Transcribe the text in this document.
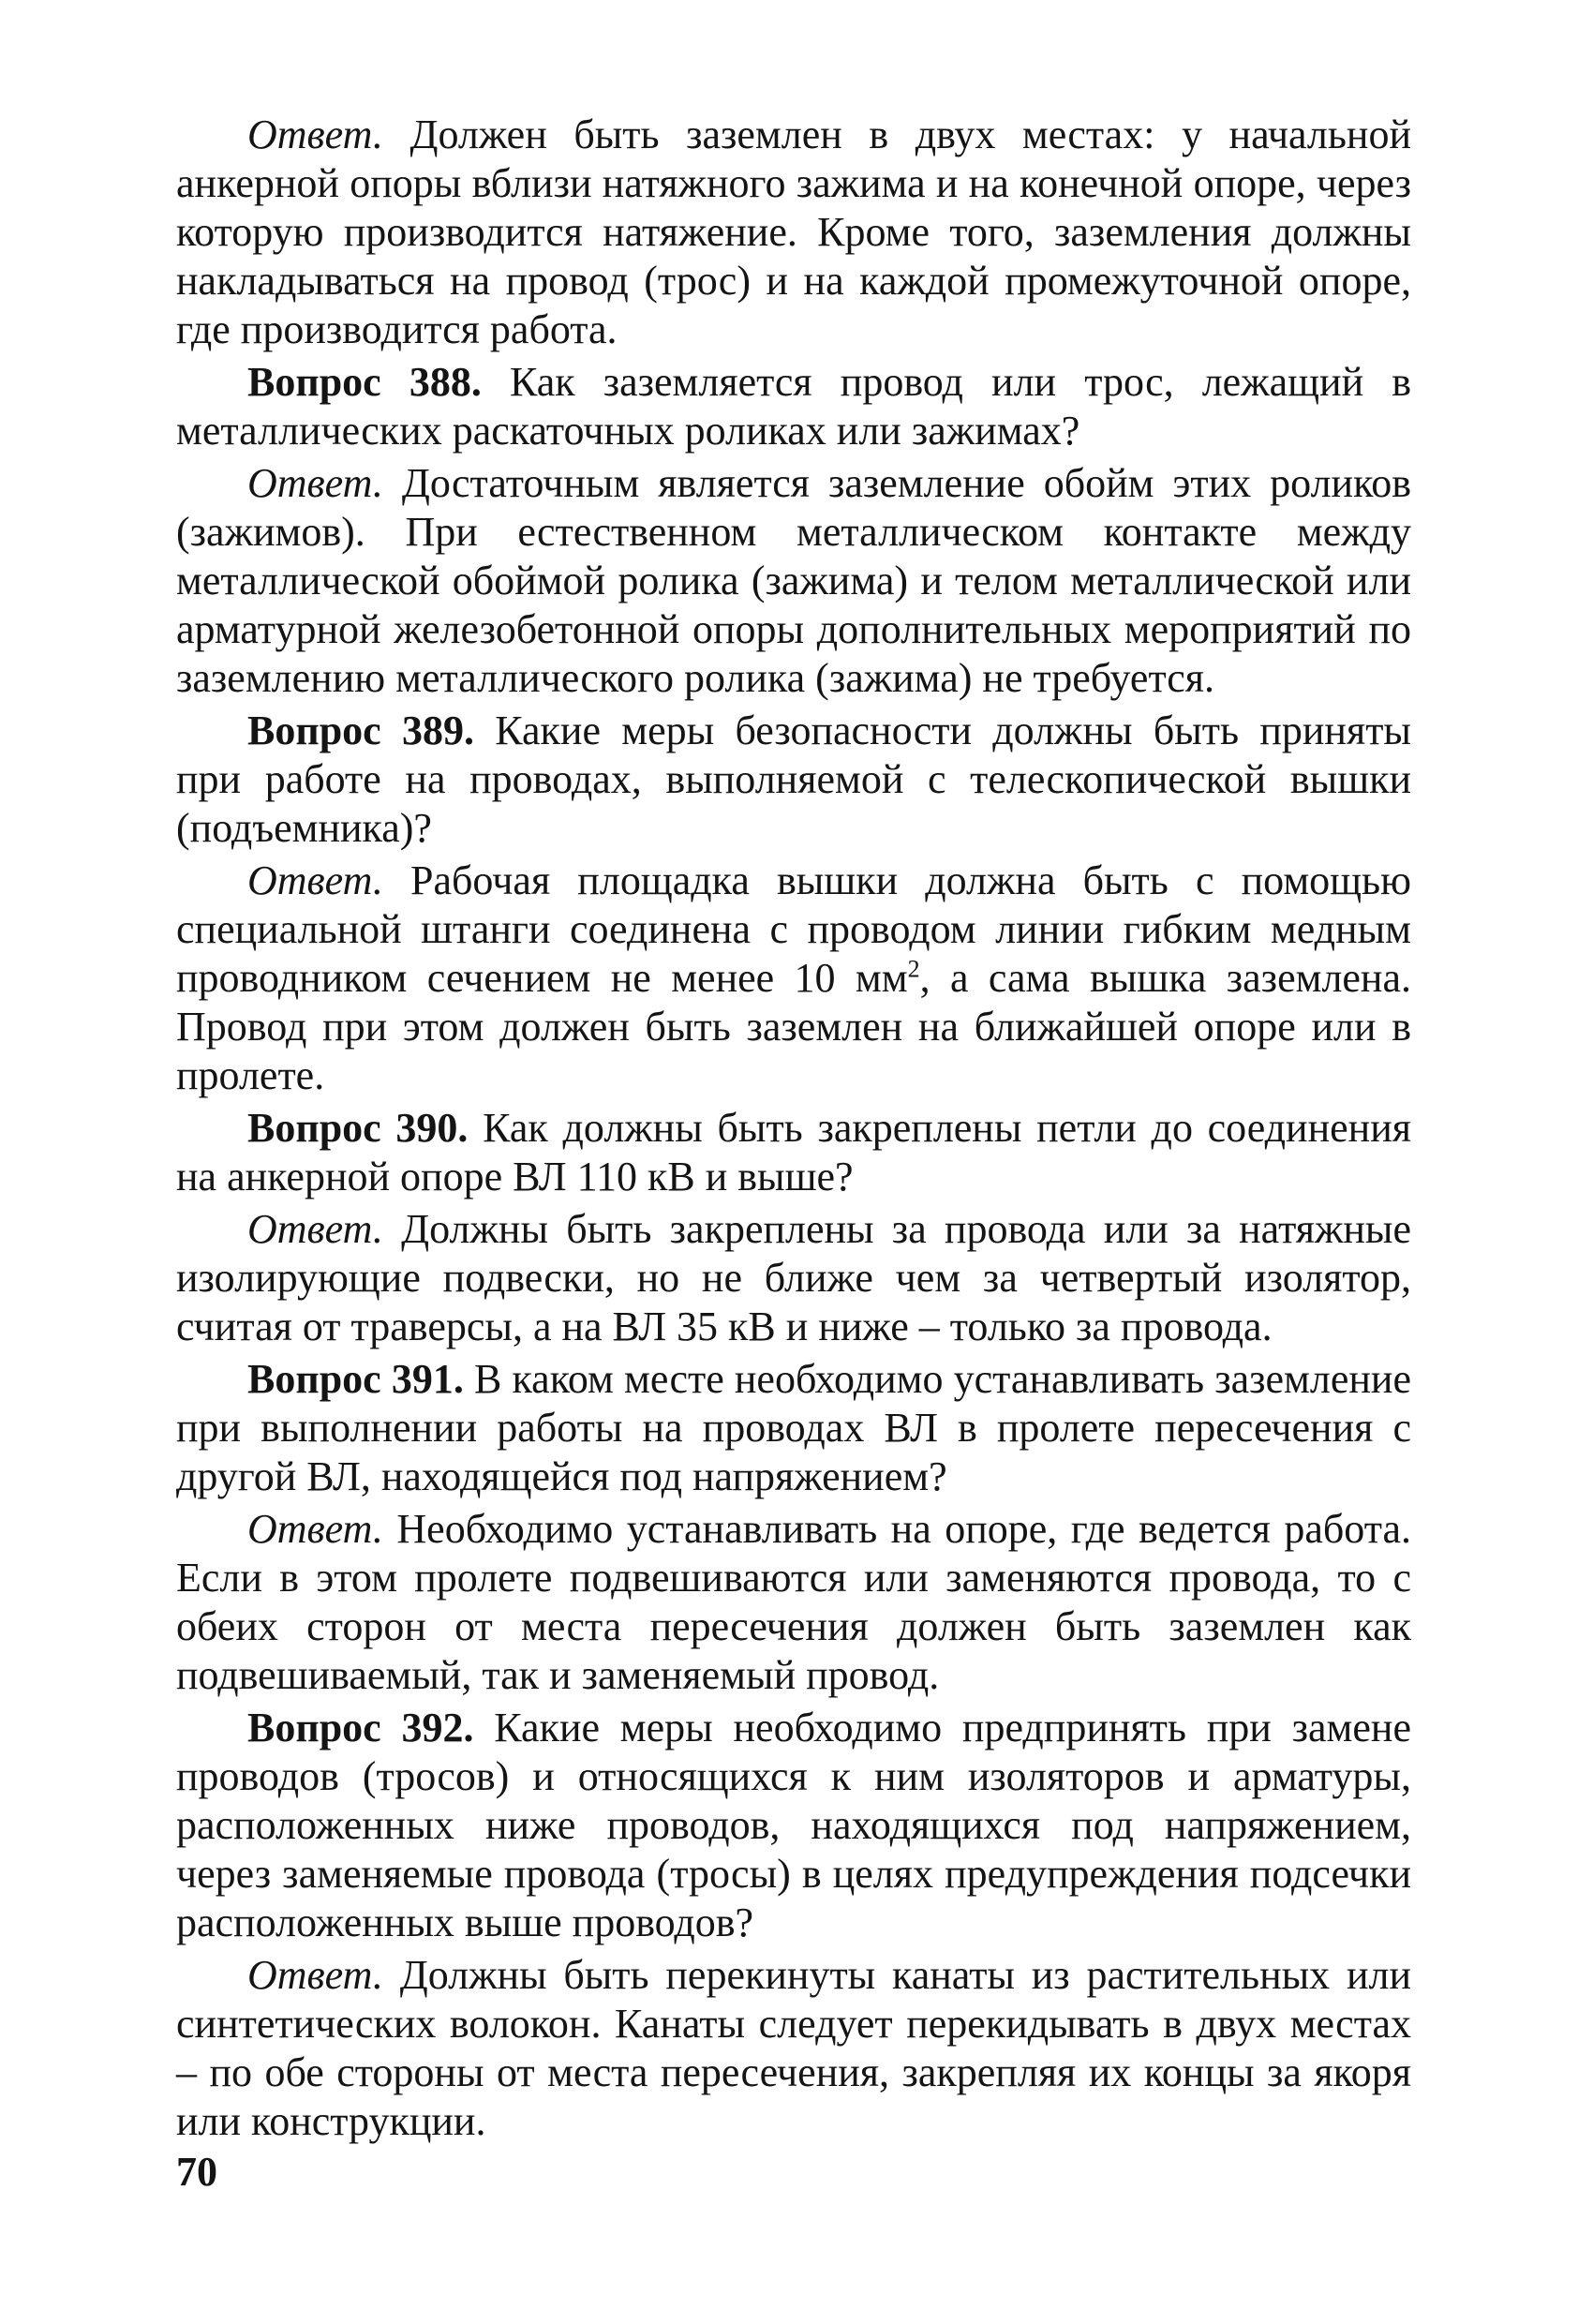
Ответ. Должен быть заземлен в двух местах: у начальной анкерной опоры вблизи натяжного зажима и на конечной опоре, через которую производится натяжение. Кроме того, заземления должны накладываться на провод (трос) и на каждой промежуточной опоре, где производится работа.

Вопрос 388. Как заземляется провод или трос, лежащий в металлических раскаточных роликах или зажимах?

Ответ. Достаточным является заземление обойм этих роликов (зажимов). При естественном металлическом контакте между металлической обоймой ролика (зажима) и телом металлической или арматурной железобетонной опоры дополнительных мероприятий по заземлению металлического ролика (зажима) не требуется.

Вопрос 389. Какие меры безопасности должны быть приняты при работе на проводах, выполняемой с телескопической вышки (подъемника)?

Ответ. Рабочая площадка вышки должна быть с помощью специальной штанги соединена с проводом линии гибким медным проводником сечением не менее 10 $мм^2$, а сама вышка заземлена. Провод при этом должен быть заземлен на ближайшей опоре или в пролете.

Вопрос 390. Как должны быть закреплены петли до соединения на анкерной опоре ВЛ 110 кВ и выше?

Ответ. Должны быть закреплены за провода или за натяжные изолирующие подвески, но не ближе чем за четвертый изолятор, считая от траверсы, а на ВЛ 35 кВ и ниже – только за провода.

Вопрос 391. В каком месте необходимо устанавливать заземление при выполнении работы на проводах ВЛ в пролете пересечения с другой ВЛ, находящейся под напряжением?

Ответ. Необходимо устанавливать на опоре, где ведется работа. Если в этом пролете подвешиваются или заменяются провода, то с обеих сторон от места пересечения должен быть заземлен как подвешиваемый, так и заменяемый провод.

Вопрос 392. Какие меры необходимо предпринять при замене проводов (тросов) и относящихся к ним изоляторов и арматуры, расположенных ниже проводов, находящихся под напряжением, через заменяемые провода (тросы) в целях предупреждения подсечки расположенных выше проводов?

Ответ. Должны быть перекинуты канаты из растительных или синтетических волокон. Канаты следует перекидывать в двух местах – по обе стороны от места пересечения, закрепляя их концы за якоря или конструкции.

70
